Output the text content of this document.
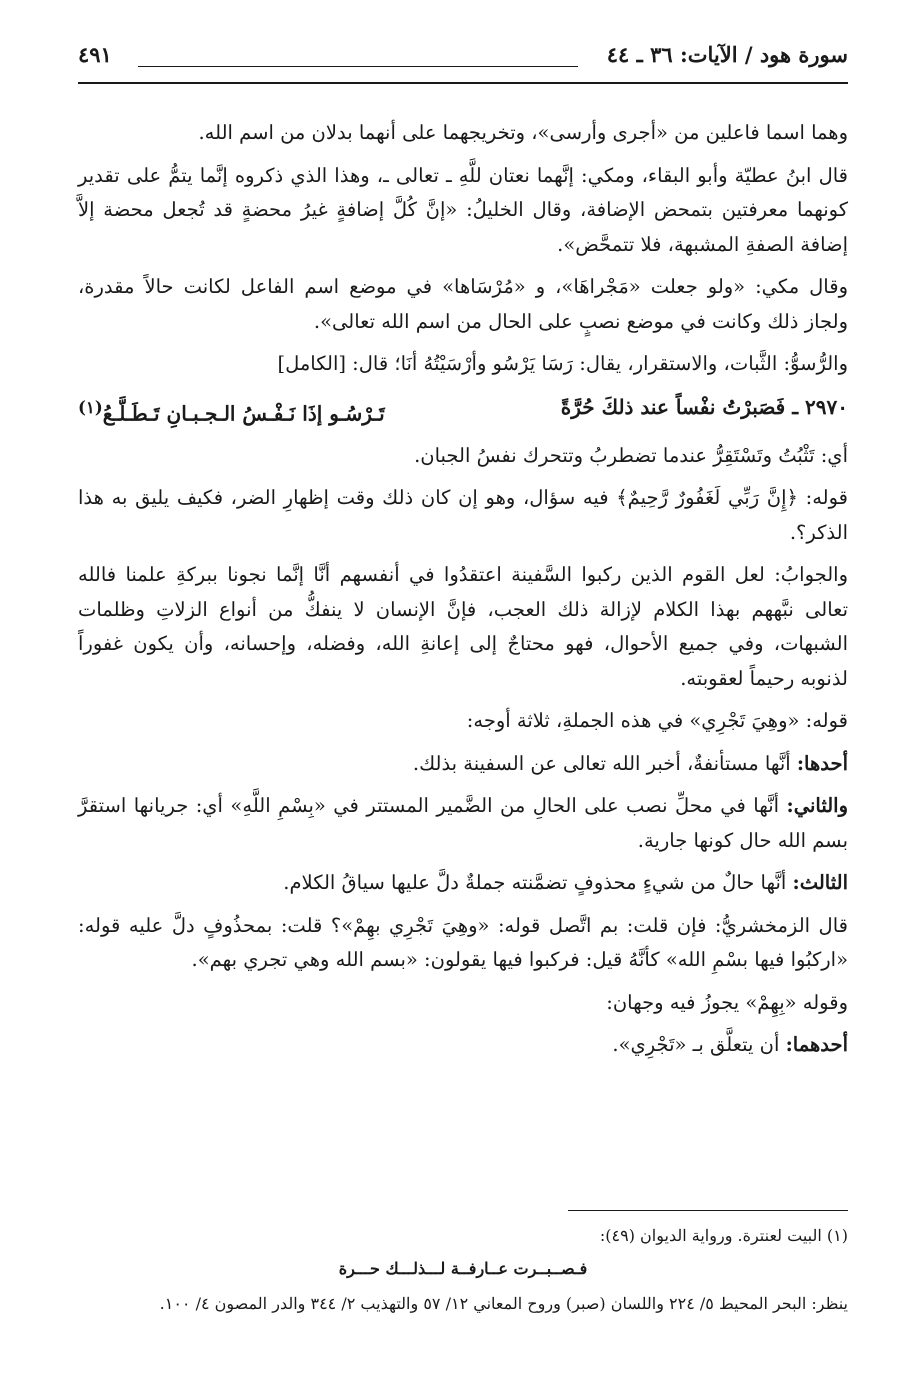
سورة هود / الآيات: ٣٦ ـ ٤٤
٤٩١

وهما اسما فاعلين من «أجرى وأرسى»، وتخريجهما على أنهما بدلان من اسم الله.

قال ابنُ عطيّة وأبو البقاء، ومكي: إنَّهما نعتان للَّهِ ـ تعالى ـ، وهذا الذي ذكروه إنَّما يتمُّ على تقدير كونهما معرفتين بتمحض الإضافة، وقال الخليلُ: «إنَّ كُلَّ إضافةٍ غيرُ محضةٍ قد تُجعل محضة إلاَّ إضافة الصفةِ المشبهة، فلا تتمحَّض».

وقال مكي: «ولو جعلت «مَجْراهَا»، و «مُرْسَاها» في موضع اسم الفاعل لكانت حالاً مقدرة، ولجاز ذلك وكانت في موضع نصبٍ على الحال من اسم الله تعالى».

والرُّسوُّ: الثَّبات، والاستقرار، يقال: رَسَا يَرْسُو وأرْسَيْتُهُ أنَا؛ قال: [الكامل]

٢٩٧٠ ـ فَصَبرْتُ نفْساً عند ذلكَ حُرَّةً
تَـرْسُـو إذَا نَـفْـسُ الـجـبـانِ تَـطَـلَّـعُ$^{(١)}$

أي: تَثْبُتُ وتَسْتَقِرُّ عندما تضطربُ وتتحرك نفسُ الجبان.

قوله: ﴿إِنَّ رَبِّي لَغَفُورٌ رَّحِيمٌ﴾ فيه سؤال، وهو إن كان ذلك وقت إظهارِ الضر، فكيف يليق به هذا الذكر؟.

والجوابُ: لعل القوم الذين ركبوا السَّفينة اعتقدُوا في أنفسهم أنَّا إنَّما نجونا ببركةِ علمنا فالله تعالى نبَّههم بهذا الكلام لإزالة ذلك العجب، فإنَّ الإنسان لا ينفكُّ من أنواع الزلاتِ وظلمات الشبهات، وفي جميع الأحوال، فهو محتاجٌ إلى إعانةِ الله، وفضله، وإحسانه، وأن يكون غفوراً لذنوبه رحيماً لعقوبته.

قوله: «وهِيَ تَجْرِي» في هذه الجملةِ، ثلاثة أوجه:

أحدها: أنَّها مستأنفةٌ، أخبر الله تعالى عن السفينة بذلك.

والثاني: أنَّها في محلِّ نصب على الحالِ من الضَّمير المستتر في «بِسْمِ اللَّهِ» أي: جريانها استقرَّ بسم الله حال كونها جارية.

الثالث: أنَّها حالٌ من شيءٍ محذوفٍ تضمَّنته جملةٌ دلَّ عليها سياقُ الكلام.

قال الزمخشريُّ: فإن قلت: بم اتَّصل قوله: «وهِيَ تَجْرِي بهِمْ»؟ قلت: بمحذُوفٍ دلَّ عليه قوله: «اركبُوا فيها بسْمِ الله» كأنَّهُ قيل: فركبوا فيها يقولون: «بسم الله وهي تجري بهم».

وقوله «بِهِمْ» يجوزُ فيه وجهان:

أحدهما: أن يتعلَّق بـ «تَجْرِي».

(١) البيت لعنترة. ورواية الديوان (٤٩):

فـصــبــرت عــارفــة لـــذلـــك حـــرة

ينظر: البحر المحيط ٥/ ٢٢٤ واللسان (صبر) وروح المعاني ١٢/ ٥٧ والتهذيب ٢/ ٣٤٤ والدر المصون ٤/ ١٠٠.
